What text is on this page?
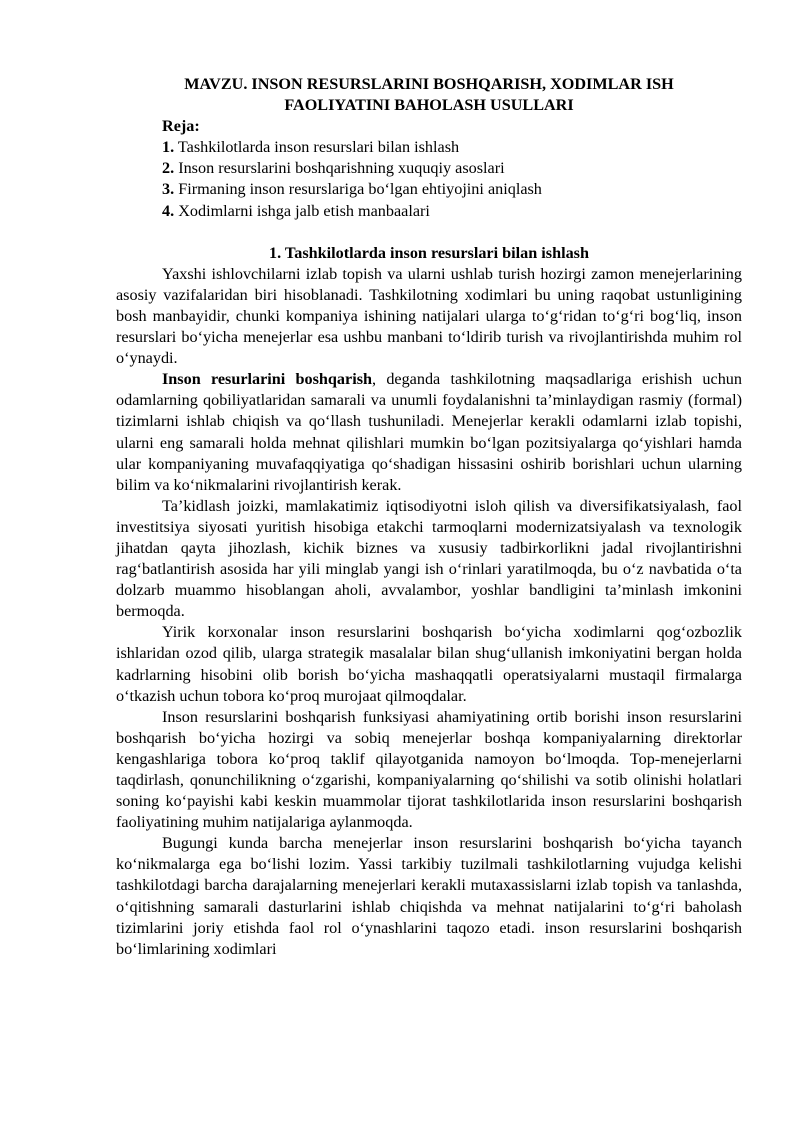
MAVZU. INSON RESURSLARINI BOSHQARISH, XODIMLAR ISH
FAOLIYATINI BAHOLASH USULLARI
Reja:
1. Tashkilotlarda inson resurslari bilan ishlash
2. Inson resurslarini boshqarishning xuquqiy asoslari
3. Firmaning inson resurslariga bo‘lgan ehtiyojini aniqlash
4. Xodimlarni ishga jalb etish manbaalari
1. Tashkilotlarda inson resurslari bilan ishlash

Yaxshi ishlovchilarni izlab topish va ularni ushlab turish hozirgi zamon menejerlarining asosiy vazifalaridan biri hisoblanadi. Tashkilotning xodimlari bu uning raqobat ustunligining bosh manbayidir, chunki kompaniya ishining natijalari ularga to‘g‘ridan to‘g‘ri bog‘liq, inson resurslari bo‘yicha menejerlar esa ushbu manbani to‘ldirib turish va rivojlantirishda muhim rol o‘ynaydi.

Inson resurlarini boshqarish, deganda tashkilotning maqsadlariga erishish uchun odamlarning qobiliyatlaridan samarali va unumli foydalanishni ta’minlaydigan rasmiy (formal) tizimlarni ishlab chiqish va qo‘llash tushuniladi. Menejerlar kerakli odamlarni izlab topishi, ularni eng samarali holda mehnat qilishlari mumkin bo‘lgan pozitsiyalarga qo‘yishlari hamda ular kompaniyaning muvafaqqiyatiga qo‘shadigan hissasini oshirib borishlari uchun ularning bilim va ko‘nikmalarini rivojlantirish kerak.

Ta’kidlash joizki, mamlakatimiz iqtisodiyotni isloh qilish va diversifikatsiyalash, faol investitsiya siyosati yuritish hisobiga etakchi tarmoqlarni modernizatsiyalash va texnologik jihatdan qayta jihozlash, kichik biznes va xususiy tadbirkorlikni jadal rivojlantirishni rag‘batlantirish asosida har yili minglab yangi ish o‘rinlari yaratilmoqda, bu o‘z navbatida o‘ta dolzarb muammo hisoblangan aholi, avvalambor, yoshlar bandligini ta’minlash imkonini bermoqda.

Yirik korxonalar inson resurslarini boshqarish bo‘yicha xodimlarni qog‘ozbozlik ishlaridan ozod qilib, ularga strategik masalalar bilan shug‘ullanish imkoniyatini bergan holda kadrlarning hisobini olib borish bo‘yicha mashaqqatli operatsiyalarni mustaqil firmalarga o‘tkazish uchun tobora ko‘proq murojaat qilmoqdalar.

Inson resurslarini boshqarish funksiyasi ahamiyatining ortib borishi inson resurslarini boshqarish bo‘yicha hozirgi va sobiq menejerlar boshqa kompaniyalarning direktorlar kengashlariga tobora ko‘proq taklif qilayotganida namoyon bo‘lmoqda. Top-menejerlarni taqdirlash, qonunchilikning o‘zgarishi, kompaniyalarning qo‘shilishi va sotib olinishi holatlari soning ko‘payishi kabi keskin muammolar tijorat tashkilotlarida inson resurslarini boshqarish faoliyatining muhim natijalariga aylanmoqda.

Bugungi kunda barcha menejerlar inson resurslarini boshqarish bo‘yicha tayanch ko‘nikmalarga ega bo‘lishi lozim. Yassi tarkibiy tuzilmali tashkilotlarning vujudga kelishi tashkilotdagi barcha darajalarning menejerlari kerakli mutaxassislarni izlab topish va tanlashda, o‘qitishning samarali dasturlarini ishlab chiqishda va mehnat natijalarini to‘g‘ri baholash tizimlarini joriy etishda faol rol o‘ynashlarini taqozo etadi. inson resurslarini boshqarish bo‘limlarining xodimlari
